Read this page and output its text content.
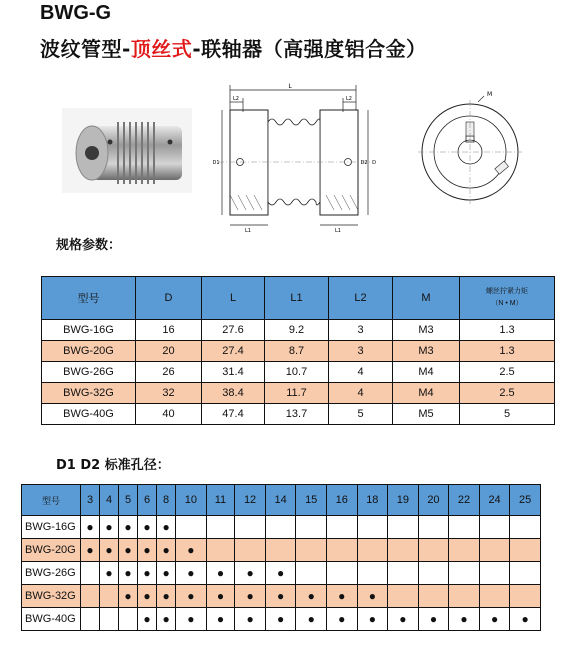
BWG-G
波纹管型-顶丝式-联轴器（高强度铝合金）
L
L2	L2
L1	L1
D1	D2 D
M
规格参数：
型号	D	L	L1	L2	M	螺丝拧紧力矩
（N • M）
BWG-16G	16	27.6	9.2	3	M3	1.3
BWG-20G	20	27.4	8.7	3	M3	1.3
BWG-26G	26	31.4	10.7	4	M4	2.5
BWG-32G	32	38.4	11.7	4	M4	2.5
BWG-40G	40	47.4	13.7	5	M5	5
D1 D2 标准孔径：
型号	3	4	5	6	8	10	11	12	14	15	16	18	19	20	22	24	25
BWG-16G	●	●	●	●	●												
BWG-20G	●	●	●	●	●	●											
BWG-26G		●	●	●	●	●	●	●	●								
BWG-32G			●	●	●	●	●	●	●	●	●	●					
BWG-40G				●	●	●	●	●	●	●	●	●	●	●	●	●	●
